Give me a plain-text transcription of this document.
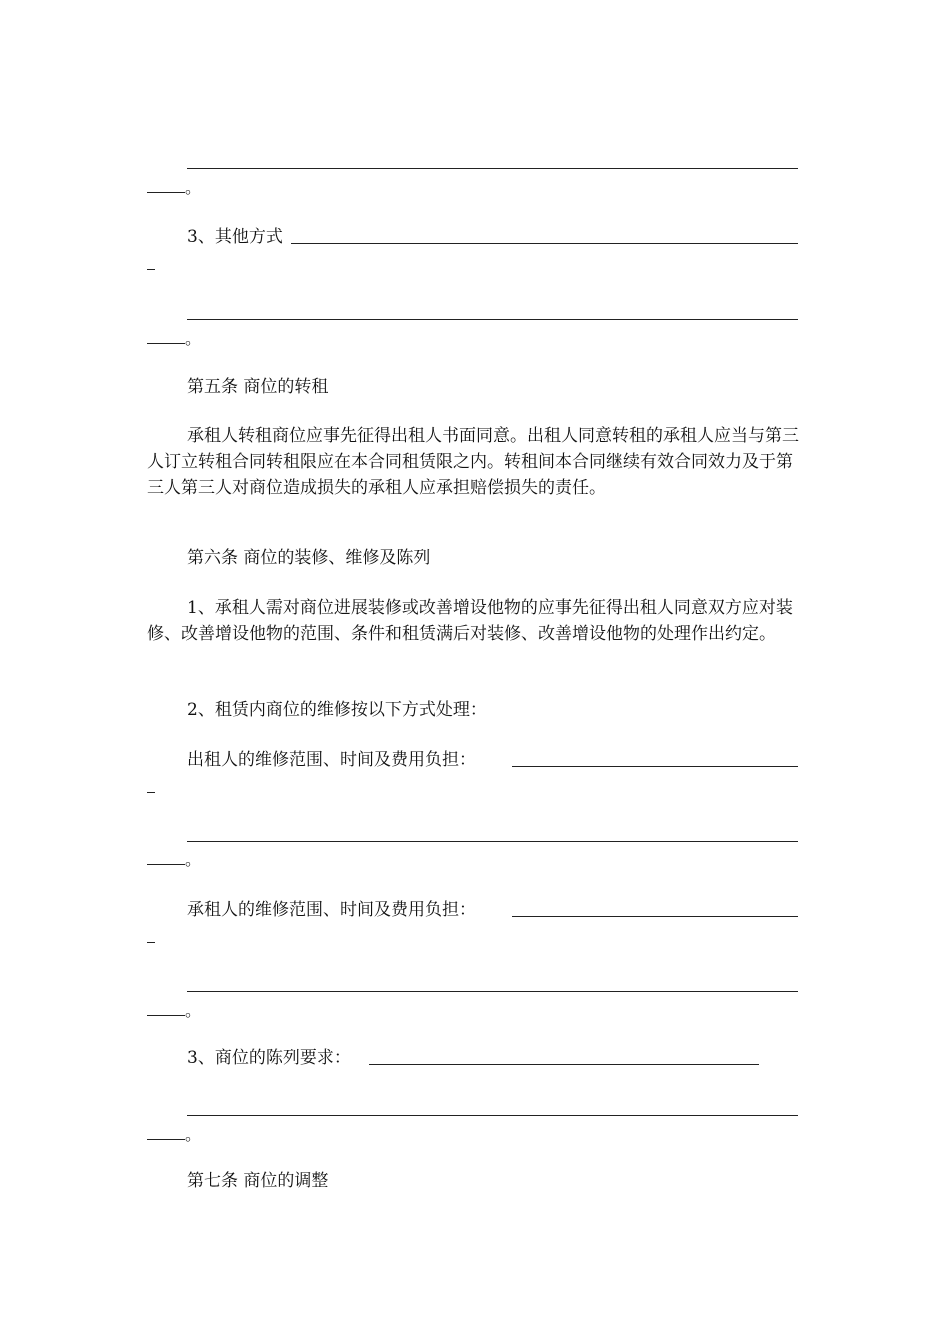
。
3、其他方式
。
第五条 商位的转租
承租人转租商位应事先征得出租人书面同意。出租人同意转租的承租人应当与第三人订立转租合同转租限应在本合同租赁限之内。转租间本合同继续有效合同效力及于第三人第三人对商位造成损失的承租人应承担赔偿损失的责任。
第六条 商位的装修、维修及陈列
1、承租人需对商位进展装修或改善增设他物的应事先征得出租人同意双方应对装修、改善增设他物的范围、条件和租赁满后对装修、改善增设他物的处理作出约定。
2、租赁内商位的维修按以下方式处理：
出租人的维修范围、时间及费用负担：
。
承租人的维修范围、时间及费用负担：
。
3、商位的陈列要求：
。
第七条 商位的调整
